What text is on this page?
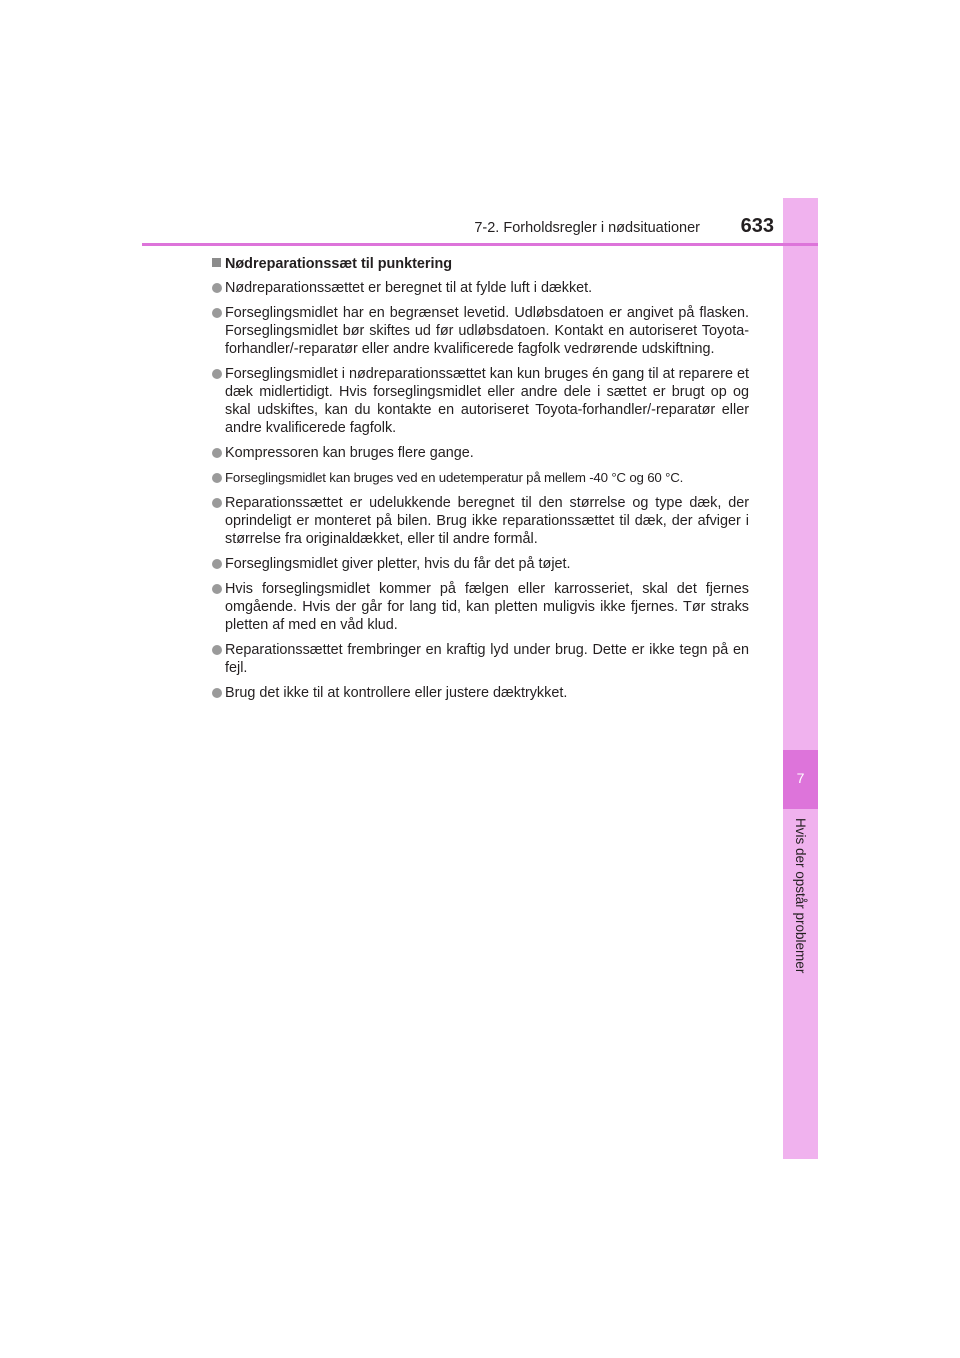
7
Hvis der opstår problemer
7-2. Forholdsregler i nødsituationer	633
Nødreparationssæt til punktering
Nødreparationssættet er beregnet til at fylde luft i dækket.
Forseglingsmidlet har en begrænset levetid. Udløbsdatoen er angivet på flasken. Forseglingsmidlet bør skiftes ud før udløbsdatoen. Kontakt en autoriseret Toyota-forhandler/-reparatør eller andre kvalificerede fagfolk vedrørende udskiftning.
Forseglingsmidlet i nødreparationssættet kan kun bruges én gang til at reparere et dæk midlertidigt. Hvis forseglingsmidlet eller andre dele i sættet er brugt op og skal udskiftes, kan du kontakte en autoriseret Toyota-forhandler/-reparatør eller andre kvalificerede fagfolk.
Kompressoren kan bruges flere gange.
Forseglingsmidlet kan bruges ved en udetemperatur på mellem -40 °C og 60 °C.
Reparationssættet er udelukkende beregnet til den størrelse og type dæk, der oprindeligt er monteret på bilen. Brug ikke reparationssættet til dæk, der afviger i størrelse fra originaldækket, eller til andre formål.
Forseglingsmidlet giver pletter, hvis du får det på tøjet.
Hvis forseglingsmidlet kommer på fælgen eller karrosseriet, skal det fjernes omgående. Hvis der går for lang tid, kan pletten muligvis ikke fjernes. Tør straks pletten af med en våd klud.
Reparationssættet frembringer en kraftig lyd under brug. Dette er ikke tegn på en fejl.
Brug det ikke til at kontrollere eller justere dæktrykket.
